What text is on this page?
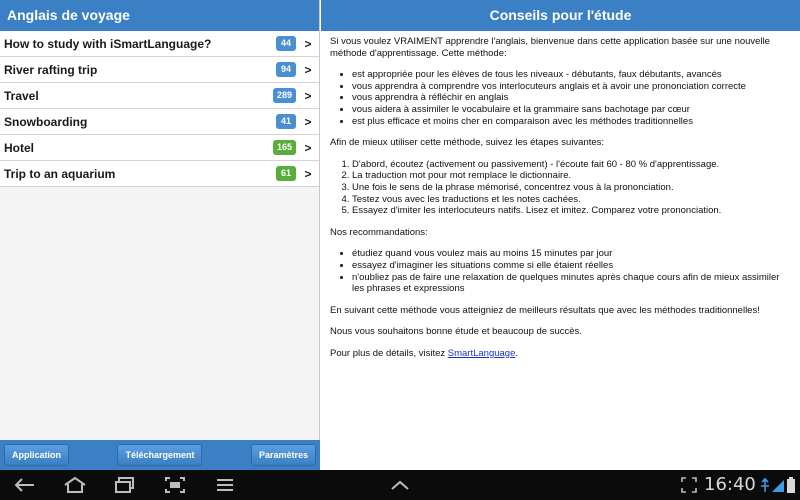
Anglais de voyage
How to study with iSmartLanguage?	44	>
River rafting trip	94	>
Travel	289	>
Snowboarding	41	>
Hotel	165	>
Trip to an aquarium	61	>
Application	Téléchargement	Paramètres
Conseils pour l'étude

Si vous voulez VRAIMENT apprendre l'anglais, bienvenue dans cette application basée sur une nouvelle méthode d'apprentissage. Cette méthode:

• est appropriée pour les élèves de tous les niveaux - débutants, faux débutants, avancés
• vous apprendra à comprendre vos interlocuteurs anglais et à avoir une prononciation correcte
• vous apprendra à réfléchir en anglais
• vous aidera à assimiler le vocabulaire et la grammaire sans bachotage par cœur
• est plus efficace et moins cher en comparaison avec les méthodes traditionnelles

Afin de mieux utiliser cette méthode, suivez les étapes suivantes:

1. D'abord, écoutez (activement ou passivement) - l'écoute fait 60 - 80 % d'apprentissage.
2. La traduction mot pour mot remplace le dictionnaire.
3. Une fois le sens de la phrase mémorisé, concentrez vous à la prononciation.
4. Testez vous avec les traductions et les notes cachées.
5. Essayez d'imiter les interlocuteurs natifs. Lisez et imitez. Comparez votre prononciation.

Nos recommandations:

• étudiez quand vous voulez mais au moins 15 minutes par jour
• essayez d'imaginer les situations comme si elle étaient réelles
• n'oubliez pas de faire une relaxation de quelques minutes après chaque cours afin de mieux assimiler les phrases et expressions

En suivant cette méthode vous atteigniez de meilleurs résultats que avec les méthodes traditionnelles!

Nous vous souhaitons bonne étude et beaucoup de succès.

Pour plus de détails, visitez SmartLanguage.

16:40
